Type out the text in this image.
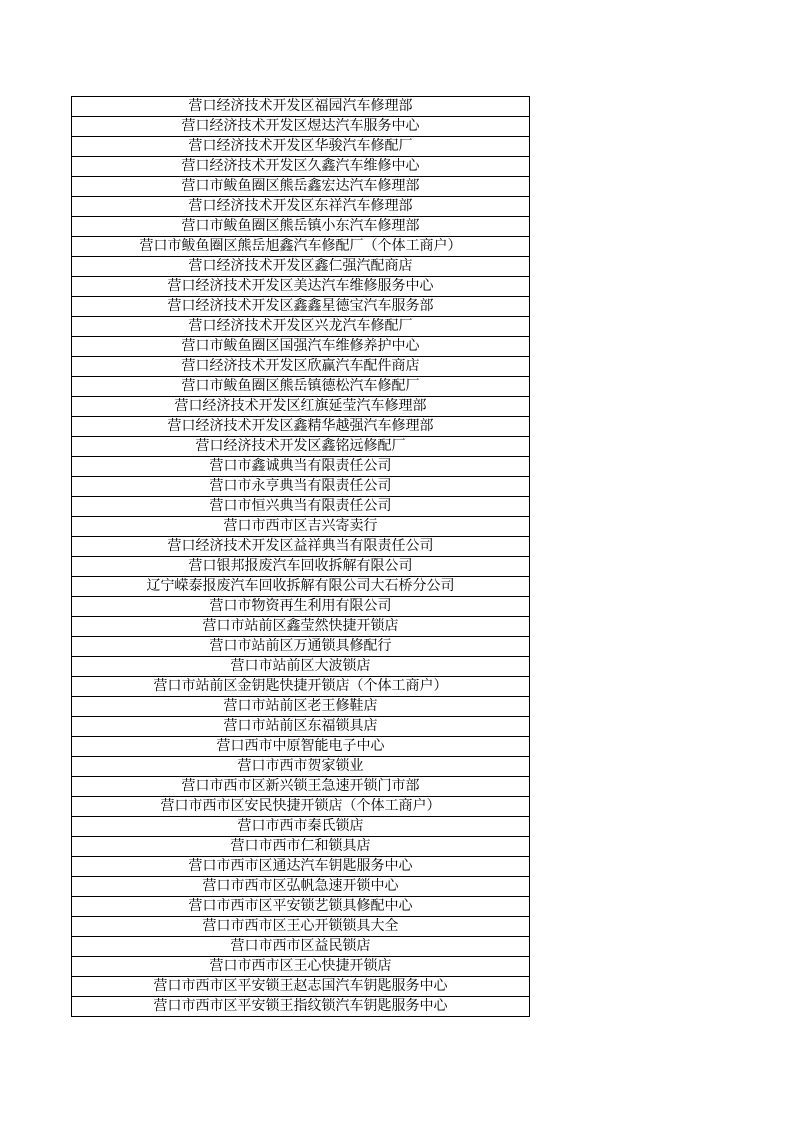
营口经济技术开发区福园汽车修理部
营口经济技术开发区煜达汽车服务中心
营口经济技术开发区华骏汽车修配厂
营口经济技术开发区久鑫汽车维修中心
营口市鲅鱼圈区熊岳鑫宏达汽车修理部
营口经济技术开发区东祥汽车修理部
营口市鲅鱼圈区熊岳镇小东汽车修理部
营口市鲅鱼圈区熊岳旭鑫汽车修配厂（个体工商户）
营口经济技术开发区鑫仁强汽配商店
营口经济技术开发区美达汽车维修服务中心
营口经济技术开发区鑫鑫星德宝汽车服务部
营口经济技术开发区兴龙汽车修配厂
营口市鲅鱼圈区国强汽车维修养护中心
营口经济技术开发区欣赢汽车配件商店
营口市鲅鱼圈区熊岳镇德松汽车修配厂
营口经济技术开发区红旗延莹汽车修理部
营口经济技术开发区鑫精华越强汽车修理部
营口经济技术开发区鑫铭远修配厂
营口市鑫诚典当有限责任公司
营口市永亨典当有限责任公司
营口市恒兴典当有限责任公司
营口市西市区吉兴寄卖行
营口经济技术开发区益祥典当有限责任公司
营口银邦报废汽车回收拆解有限公司
辽宁嵘泰报废汽车回收拆解有限公司大石桥分公司
营口市物资再生利用有限公司
营口市站前区鑫莹然快捷开锁店
营口市站前区万通锁具修配行
营口市站前区大波锁店
营口市站前区金钥匙快捷开锁店（个体工商户）
营口市站前区老王修鞋店
营口市站前区东福锁具店
营口西市中原智能电子中心
营口市西市贺家锁业
营口市西市区新兴锁王急速开锁门市部
营口市西市区安民快捷开锁店（个体工商户）
营口市西市秦氏锁店
营口市西市仁和锁具店
营口市西市区通达汽车钥匙服务中心
营口市西市区弘帆急速开锁中心
营口市西市区平安锁艺锁具修配中心
营口市西市区王心开锁锁具大全
营口市西市区益民锁店
营口市西市区王心快捷开锁店
营口市西市区平安锁王赵志国汽车钥匙服务中心
营口市西市区平安锁王指纹锁汽车钥匙服务中心
